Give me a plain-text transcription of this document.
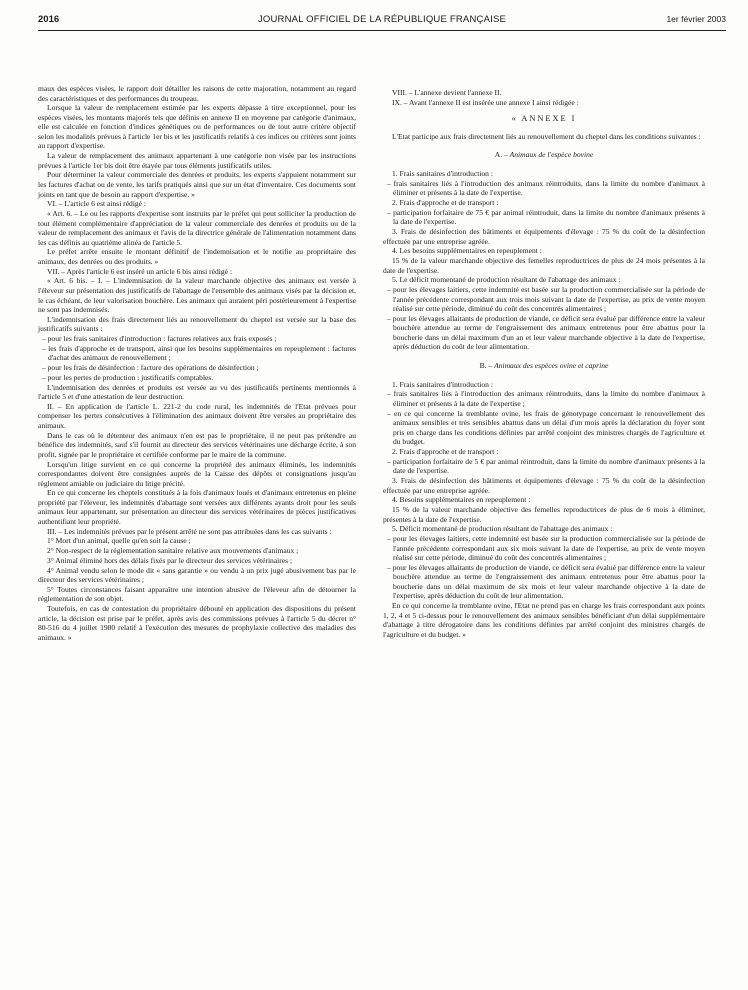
2016	JOURNAL OFFICIEL DE LA RÉPUBLIQUE FRANÇAISE	1er février 2003

maux des espèces visées, le rapport doit détailler les raisons de cette majoration, notamment au regard des caractéristiques et des performances du troupeau.

Lorsque la valeur de remplacement estimée par les experts dépasse à titre exceptionnel, pour les espèces visées, les montants majorés tels que définis en annexe II en moyenne par catégorie d'animaux, elle est calculée en fonction d'indices génétiques ou de performances ou de tout autre critère objectif selon les modalités prévues à l'article 1er bis et les justificatifs relatifs à ces indices ou critères sont joints au rapport d'expertise.

La valeur de remplacement des animaux appartenant à une catégorie non visée par les instructions prévues à l'article 1er bis doit être étayée par tous éléments justificatifs utiles.

Pour déterminer la valeur commerciale des denrées et produits, les experts s'appuient notamment sur les factures d'achat ou de vente, les tarifs pratiqués ainsi que sur un état d'inventaire. Ces documents sont joints en tant que de besoin au rapport d'expertise. »

VI. – L'article 6 est ainsi rédigé :

« Art. 6. – Le ou les rapports d'expertise sont instruits par le préfet qui peut solliciter la production de tout élément complémentaire d'appréciation de la valeur commerciale des denrées et produits ou de la valeur de remplacement des animaux et l'avis de la directrice générale de l'alimentation notamment dans les cas définis au quatrième alinéa de l'article 5.

Le préfet arrête ensuite le montant définitif de l'indemnisation et le notifie au propriétaire des animaux, des denrées ou des produits. »

VII. – Après l'article 6 est inséré un article 6 bis ainsi rédigé :

« Art. 6 bis. – I. – L'indemnisation de la valeur marchande objective des animaux est versée à l'éleveur sur présentation des justificatifs de l'abattage de l'ensemble des animaux visés par la décision et, le cas échéant, de leur valorisation bouchère. Les animaux qui auraient péri postérieurement à l'expertise ne sont pas indemnisés.

L'indemnisation des frais directement liés au renouvellement du cheptel est versée sur la base des justificatifs suivants :

– pour les frais sanitaires d'introduction : factures relatives aux frais exposés ;

– les frais d'approche et de transport, ainsi que les besoins supplémentaires en repeuplement : factures d'achat des animaux de renouvellement ;

– pour les frais de désinfection : facture des opérations de désinfection ;

– pour les pertes de production : justificatifs comptables.

L'indemnisation des denrées et produits est versée au vu des justificatifs pertinents mentionnés à l'article 5 et d'une attestation de leur destruction.

II. – En application de l'article L. 221-2 du code rural, les indemnités de l'Etat prévues pour compenser les pertes consécutives à l'élimination des animaux doivent être versées au propriétaire des animaux.

Dans le cas où le détenteur des animaux n'en est pas le propriétaire, il ne peut pas prétendre au bénéfice des indemnités, sauf s'il fournit au directeur des services vétérinaires une décharge écrite, à son profit, signée par le propriétaire et certifiée conforme par le maire de la commune.

Lorsqu'un litige survient en ce qui concerne la propriété des animaux éliminés, les indemnités correspondantes doivent être consignées auprès de la Caisse des dépôts et consignations jusqu'au règlement amiable ou judiciaire du litige précité.

En ce qui concerne les cheptels constitués à la fois d'animaux loués et d'animaux entretenus en pleine propriété par l'éleveur, les indemnités d'abattage sont versées aux différents ayants droit pour les seuls animaux leur appartenant, sur présentation au directeur des services vétérinaires de pièces justificatives authentifiant leur propriété.

III. – Les indemnités prévues par le présent arrêté ne sont pas attribuées dans les cas suivants :

1° Mort d'un animal, quelle qu'en soit la cause ;

2° Non-respect de la réglementation sanitaire relative aux mouvements d'animaux ;

3° Animal éliminé hors des délais fixés par le directeur des services vétérinaires ;

4° Animal vendu selon le mode dit « sans garantie » ou vendu à un prix jugé abusivement bas par le directeur des services vétérinaires ;

5° Toutes circonstances faisant apparaître une intention abusive de l'éleveur afin de détourner la réglementation de son objet.

Toutefois, en cas de contestation du propriétaire débouté en application des dispositions du présent article, la décision est prise par le préfet, après avis des commissions prévues à l'article 5 du décret n° 80-516 du 4 juillet 1980 relatif à l'exécution des mesures de prophylaxie collective des maladies des animaux. »

VIII. – L'annexe devient l'annexe II.

IX. – Avant l'annexe II est insérée une annexe I ainsi rédigée :

« ANNEXE I

L'Etat participe aux frais directement liés au renouvellement du cheptel dans les conditions suivantes :

A. – Animaux de l'espèce bovine

1. Frais sanitaires d'introduction :

– frais sanitaires liés à l'introduction des animaux réintroduits, dans la limite du nombre d'animaux à éliminer et présents à la date de l'expertise.

2. Frais d'approche et de transport :

– participation forfaitaire de 75 € par animal réintroduit, dans la limite du nombre d'animaux présents à la date de l'expertise.

3. Frais de désinfection des bâtiments et équipements d'élevage : 75 % du coût de la désinfection effectuée par une entreprise agréée.

4. Les besoins supplémentaires en repeuplement :

15 % de la valeur marchande objective des femelles reproductrices de plus de 24 mois présentes à la date de l'expertise.

5. Le déficit momentané de production résultant de l'abattage des animaux :

– pour les élevages laitiers, cette indemnité est basée sur la production commercialisée sur la période de l'année précédente correspondant aux trois mois suivant la date de l'expertise, au prix de vente moyen réalisé sur cette période, diminué du coût des concentrés alimentaires ;

– pour les élevages allaitants de production de viande, ce déficit sera évalué par différence entre la valeur bouchère attendue au terme de l'engraissement des animaux entretenus pour être abattus pour la boucherie dans un délai maximum d'un an et leur valeur marchande objective à la date de l'expertise, après déduction du coût de leur alimentation.

B. – Animaux des espèces ovine et caprine

1. Frais sanitaires d'introduction :

– frais sanitaires liés à l'introduction des animaux réintroduits, dans la limite du nombre d'animaux à éliminer et présents à la date de l'expertise ;

– en ce qui concerne la tremblante ovine, les frais de génotypage concernant le renouvellement des animaux sensibles et très sensibles abattus dans un délai d'un mois après la déclaration du foyer sont pris en charge dans les conditions définies par arrêté conjoint des ministres chargés de l'agriculture et du budget.

2. Frais d'approche et de transport :

– participation forfaitaire de 5 € par animal réintroduit, dans la limite du nombre d'animaux présents à la date de l'expertise.

3. Frais de désinfection des bâtiments et équipements d'élevage : 75 % du coût de la désinfection effectuée par une entreprise agréée.

4. Besoins supplémentaires en repeuplement :

15 % de la valeur marchande objective des femelles reproductrices de plus de 6 mois à éliminer, présentes à la date de l'expertise.

5. Déficit momentané de production résultant de l'abattage des animaux :

– pour les élevages laitiers, cette indemnité est basée sur la production commercialisée sur la période de l'année précédente correspondant aux six mois suivant la date de l'expertise, au prix de vente moyen réalisé sur cette période, diminué du coût des concentrés alimentaires ;

– pour les élevages allaitants de production de viande, ce déficit sera évalué par différence entre la valeur bouchère attendue au terme de l'engraissement des animaux entretenus pour être abattus pour la boucherie dans un délai maximum de six mois et leur valeur marchande objective à la date de l'expertise, après déduction du coût de leur alimentation.

En ce qui concerne la tremblante ovine, l'Etat ne prend pas en charge les frais correspondant aux points 1, 2, 4 et 5 ci-dessus pour le renouvellement des animaux sensibles bénéficiant d'un délai supplémentaire d'abattage à titre dérogatoire dans les conditions définies par arrêté conjoint des ministres chargés de l'agriculture et du budget. »
